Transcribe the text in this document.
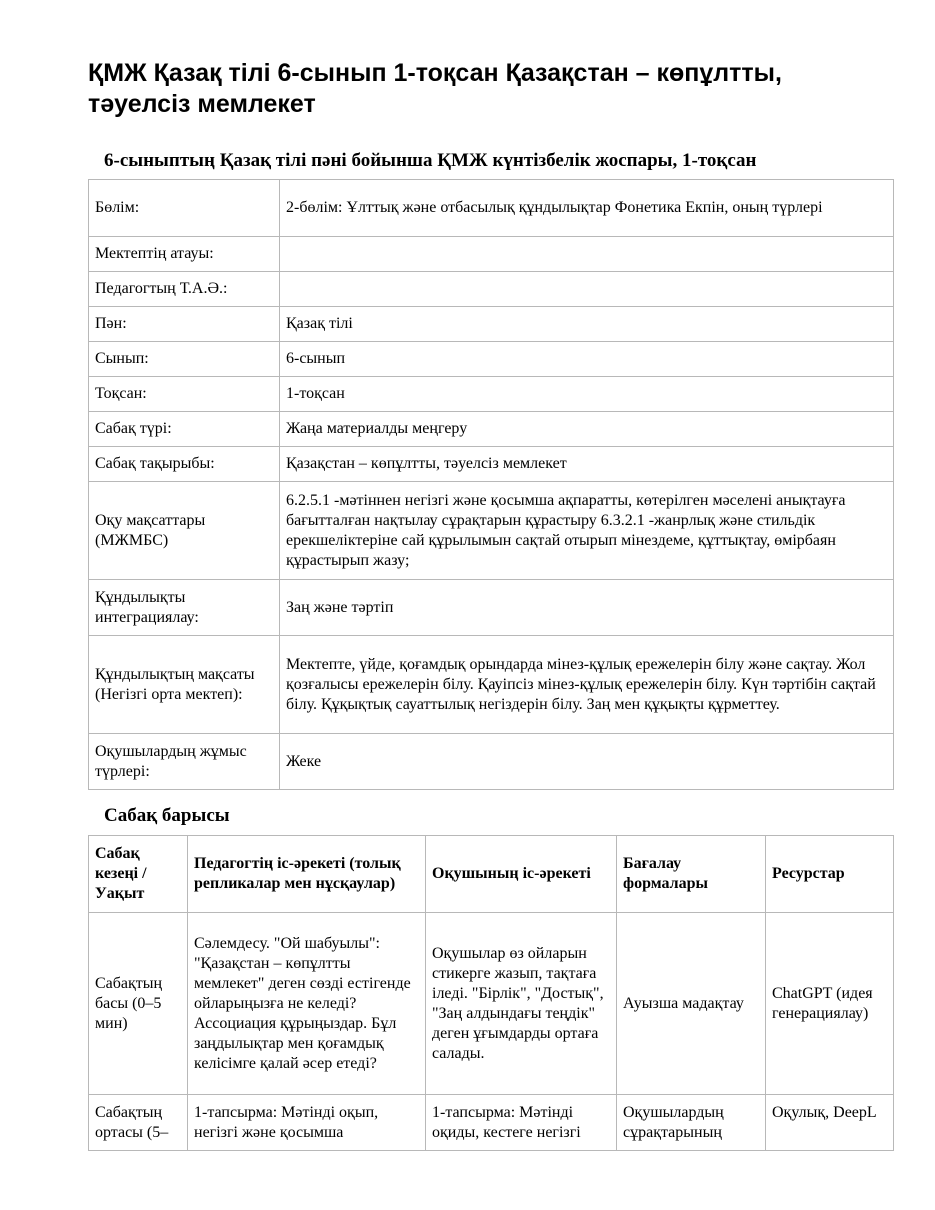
ҚМЖ Қазақ тілі 6-сынып 1-тоқсан Қазақстан – көпұлтты, тәуелсіз мемлекет
6-сыныптың Қазақ тілі пәні бойынша ҚМЖ күнтізбелік жоспары, 1-тоқсан
Бөлім:	2-бөлім: Ұлттық және отбасылық құндылықтар Фонетика Екпін, оның түрлері
Мектептің атауы:	
Педагогтың Т.А.Ә.:	
Пән:	Қазақ тілі
Сынып:	6-сынып
Тоқсан:	1-тоқсан
Сабақ түрі:	Жаңа материалды меңгеру
Сабақ тақырыбы:	Қазақстан – көпұлтты, тәуелсіз мемлекет
Оқу мақсаттары (МЖМБС)	6.2.5.1 -мәтіннен негізгі және қосымша ақпаратты, көтерілген мәселені анықтауға бағытталған нақтылау сұрақтарын құрастыру 6.3.2.1 -жанрлық және стильдік ерекшеліктеріне сай құрылымын сақтай отырып мінездеме, құттықтау, өмірбаян құрастырып жазу;
Құндылықты интеграциялау:	Заң және тәртіп
Құндылықтың мақсаты (Негізгі орта мектеп):	Мектепте, үйде, қоғамдық орындарда мінез-құлық ережелерін білу және сақтау. Жол қозғалысы ережелерін білу. Қауіпсіз мінез-құлық ережелерін білу. Күн тәртібін сақтай білу. Құқықтық сауаттылық негіздерін білу. Заң мен құқықты құрметтеу.
Оқушылардың жұмыс түрлері:	Жеке
Сабақ барысы
Сабақ кезеңі / Уақыт	Педагогтің іс-әрекеті (толық репликалар мен нұсқаулар)	Оқушының іс-әрекеті	Бағалау формалары	Ресурстар
Сабақтың басы (0–5 мин)	Сәлемдесу. "Ой шабуылы": "Қазақстан – көпұлтты мемлекет" деген сөзді естігенде ойларыңызға не келеді? Ассоциация құрыңыздар. Бұл заңдылықтар мен қоғамдық келісімге қалай әсер етеді?	Оқушылар өз ойларын стикерге жазып, тақтаға іледі. "Бірлік", "Достық", "Заң алдындағы теңдік" деген ұғымдарды ортаға салады.	Ауызша мадақтау	ChatGPT (идея генерациялау)
Сабақтың ортасы (5–	1-тапсырма: Мәтінді оқып, негізгі және қосымша	1-тапсырма: Мәтінді оқиды, кестеге негізгі	Оқушылардың сұрақтарының	Оқулық, DeepL
